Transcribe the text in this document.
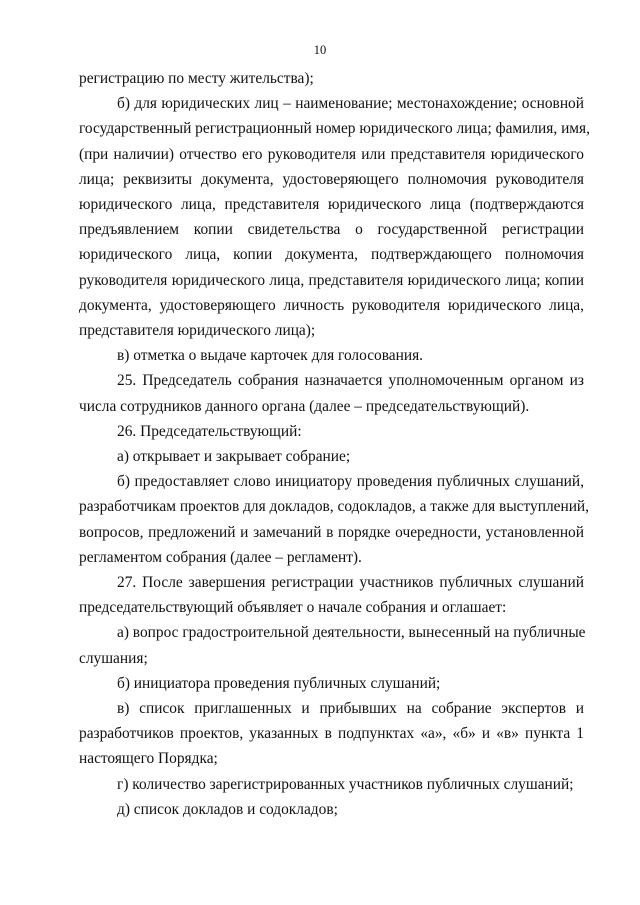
10
регистрацию по месту жительства);
б) для юридических лиц – наименование; местонахождение; основной
государственный регистрационный номер юридического лица; фамилия, имя,
(при наличии) отчество его руководителя или представителя юридического
лица; реквизиты документа, удостоверяющего полномочия руководителя
юридического лица, представителя юридического лица (подтверждаются
предъявлением копии свидетельства о государственной регистрации
юридического лица, копии документа, подтверждающего полномочия
руководителя юридического лица, представителя юридического лица; копии
документа, удостоверяющего личность руководителя юридического лица,
представителя юридического лица);
в) отметка о выдаче карточек для голосования.
25. Председатель собрания назначается уполномоченным органом из
числа сотрудников данного органа (далее – председательствующий).
26. Председательствующий:
а) открывает и закрывает собрание;
б) предоставляет слово инициатору проведения публичных слушаний,
разработчикам проектов для докладов, содокладов, а также для выступлений,
вопросов, предложений и замечаний в порядке очередности, установленной
регламентом собрания (далее – регламент).
27. После завершения регистрации участников публичных слушаний
председательствующий объявляет о начале собрания и оглашает:
а) вопрос градостроительной деятельности, вынесенный на публичные
слушания;
б) инициатора проведения публичных слушаний;
в) список приглашенных и прибывших на собрание экспертов и
разработчиков проектов, указанных в подпунктах «а», «б» и «в» пункта 1
настоящего Порядка;
г) количество зарегистрированных участников публичных слушаний;
д) список докладов и содокладов;
